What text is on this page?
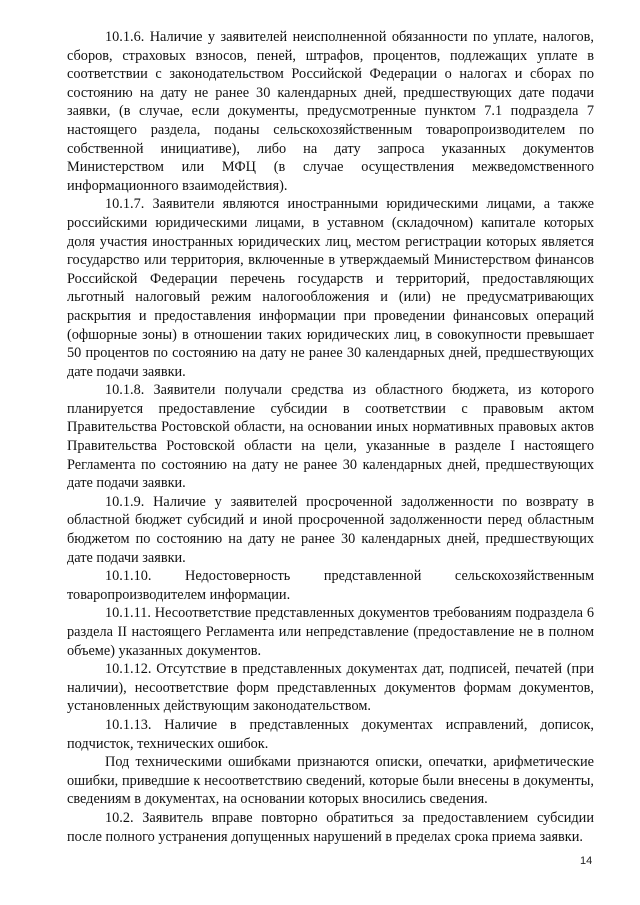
10.1.6. Наличие у заявителей неисполненной обязанности по уплате, налогов, сборов, страховых взносов, пеней, штрафов, процентов, подлежащих уплате в соответствии с законодательством Российской Федерации о налогах и сборах по состоянию на дату не ранее 30 календарных дней, предшествующих дате подачи заявки, (в случае, если документы, предусмотренные пунктом 7.1 подраздела 7 настоящего раздела, поданы сельскохозяйственным товаропроизводителем по собственной инициативе), либо на дату запроса указанных документов Министерством или МФЦ (в случае осуществления межведомственного информационного взаимодействия).

10.1.7. Заявители являются иностранными юридическими лицами, а также российскими юридическими лицами, в уставном (складочном) капитале которых доля участия иностранных юридических лиц, местом регистрации которых является государство или территория, включенные в утверждаемый Министерством финансов Российской Федерации перечень государств и территорий, предоставляющих льготный налоговый режим налогообложения и (или) не предусматривающих раскрытия и предоставления информации при проведении финансовых операций (офшорные зоны) в отношении таких юридических лиц, в совокупности превышает 50 процентов по состоянию на дату не ранее 30 календарных дней, предшествующих дате подачи заявки.

10.1.8. Заявители получали средства из областного бюджета, из которого планируется предоставление субсидии в соответствии с правовым актом Правительства Ростовской области, на основании иных нормативных правовых актов Правительства Ростовской области на цели, указанные в разделе I настоящего Регламента по состоянию на дату не ранее 30 календарных дней, предшествующих дате подачи заявки.

10.1.9. Наличие у заявителей просроченной задолженности по возврату в областной бюджет субсидий и иной просроченной задолженности перед областным бюджетом по состоянию на дату не ранее 30 календарных дней, предшествующих дате подачи заявки.

10.1.10. Недостоверность представленной сельскохозяйственным товаропроизводителем информации.

10.1.11. Несоответствие представленных документов требованиям подраздела 6 раздела II настоящего Регламента или непредставление (предоставление не в полном объеме) указанных документов.

10.1.12. Отсутствие в представленных документах дат, подписей, печатей (при наличии), несоответствие форм представленных документов формам документов, установленных действующим законодательством.

10.1.13. Наличие в представленных документах исправлений, дописок, подчисток, технических ошибок.

Под техническими ошибками признаются описки, опечатки, арифметические ошибки, приведшие к несоответствию сведений, которые были внесены в документы, сведениям в документах, на основании которых вносились сведения.

10.2. Заявитель вправе повторно обратиться за предоставлением субсидии после полного устранения допущенных нарушений в пределах срока приема заявки.

14
